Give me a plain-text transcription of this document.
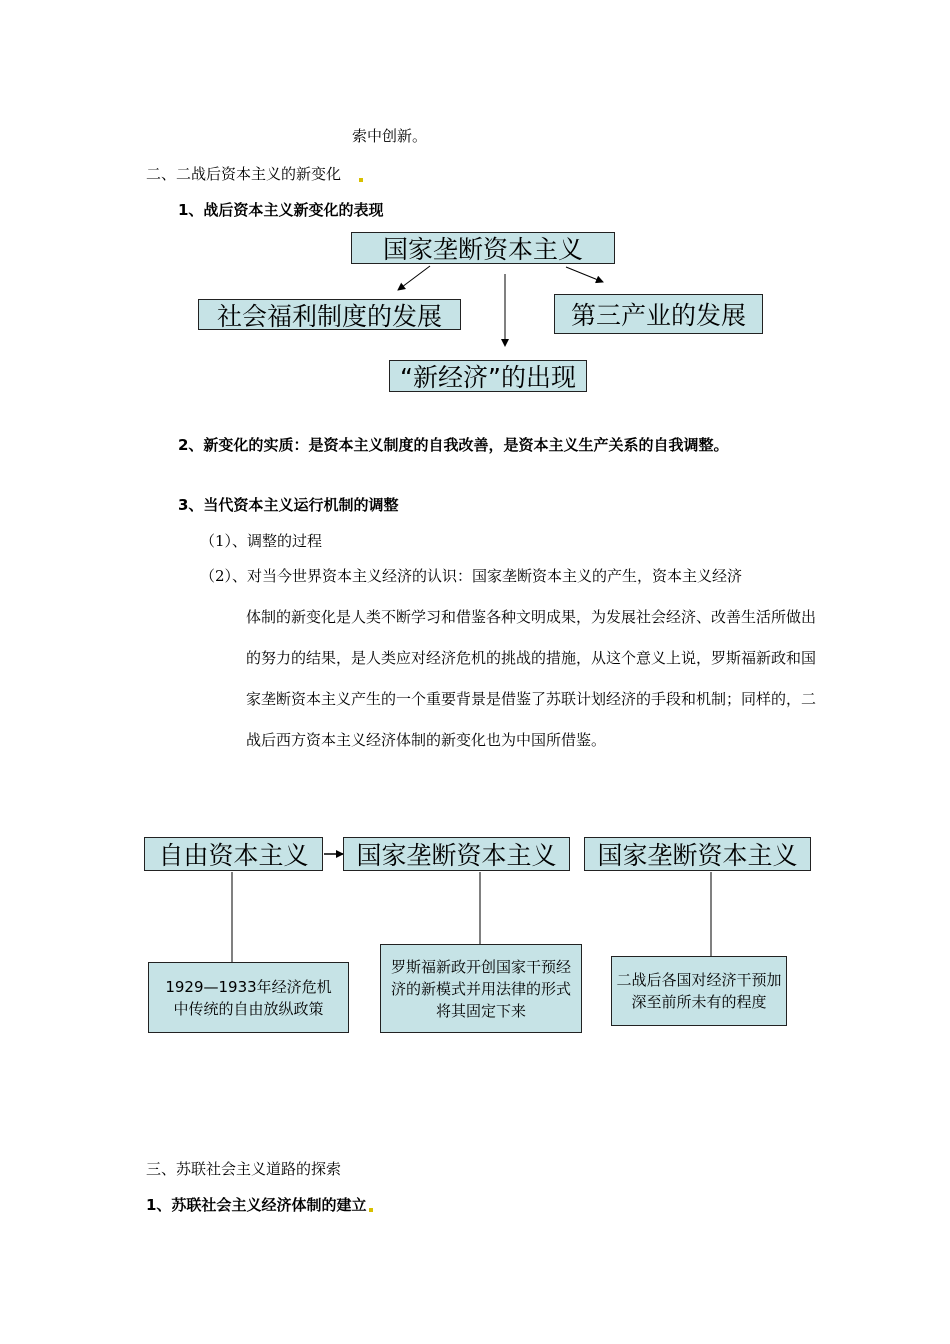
索中创新。
二、二战后资本主义的新变化
1、战后资本主义新变化的表现
国家垄断资本主义
社会福利制度的发展	第三产业的发展
“新经济”的出现
2、新变化的实质：是资本主义制度的自我改善，是资本主义生产关系的自我调整。
3、当代资本主义运行机制的调整
（1）、调整的过程
（2）、对当今世界资本主义经济的认识：国家垄断资本主义的产生，资本主义经济
体制的新变化是人类不断学习和借鉴各种文明成果，为发展社会经济、改善生活所做出的努力的结果，是人类应对经济危机的挑战的措施，从这个意义上说，罗斯福新政和国家垄断资本主义产生的一个重要背景是借鉴了苏联计划经济的手段和机制；同样的，二战后西方资本主义经济体制的新变化也为中国所借鉴。
自由资本主义	国家垄断资本主义	国家垄断资本主义
1929—1933年经济危机中传统的自由放纵政策
罗斯福新政开创国家干预经济的新模式并用法律的形式将其固定下来
二战后各国对经济干预加深至前所未有的程度
三、苏联社会主义道路的探索
1、苏联社会主义经济体制的建立
